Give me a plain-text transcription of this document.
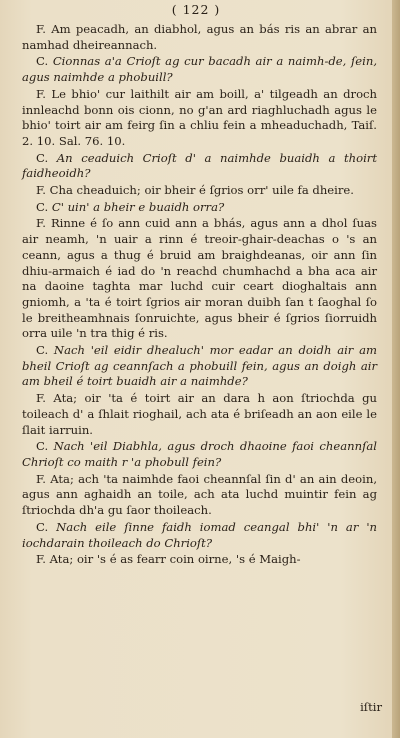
( 122 )

F. Am peacadh, an diabhol, agus an bás ris an abrar an namhad dheireannach.

C. Cionnas a'a Crioſt ag cur bacadh air a naimh-de, ſein, agus naimhde a phobuill?

F. Le bhio' cur laithilt air am boill, a' tilgeadh an droch innleachd bonn ois cionn, no g'an ard riaghluchadh agus le bhio' toirt air am feirg ſin a chliu fein a mheaduchadh, Taiſ. 2. 10. Sal. 76. 10.

C. An ceaduich Crioſt d' a naimhde buaidh a thoirt faidheoidh?

F. Cha cheaduich; oir bheir é ſgrios orr' uile fa dheire.

C. C' uin' a bheir e buaidh orra?

F. Rinne é ſo ann cuid ann a bhás, agus ann a dhol ſuas air neamh, 'n uair a rinn é treoir-ghair-deachas o 's an ceann, agus a thug é bruid am braighdeanas, oir ann ſin dhiu-armaich é iad do 'n reachd chumhachd a bha aca air na daoine taghta mar luchd cuir ceart dioghaltais ann gniomh, a 'ta é toirt ſgrios air moran duibh ſan t ſaoghal ſo le breitheamhnais ſonruichte, agus bheir é ſgrios ſiorruidh orra uile 'n tra thig é ris.

C. Nach 'eil eidir dhealuch' mor eadar an doidh air am bheil Crioſt ag ceannſach a phobuill fein, agus an doigh air am bheil é toirt buaidh air a naimhde?

F. Ata; oir 'ta é toirt air an dara h aon ſtriochda gu toileach d' a ſhlait rioghail, ach ata é briſeadh an aon eile le ſlait iarruin.

C. Nach 'eil Diabhla, agus droch dhaoine faoi cheannſal Chrioſt co maith r 'a phobull fein?

F. Ata; ach 'ta naimhde faoi cheannſal ſin d' an ain deoin, agus ann aghaidh an toile, ach ata luchd muintir fein ag ſtriochda dh'a gu ſaor thoileach.

C. Nach eile ſinne faidh iomad ceangal bhi' 'n ar 'n iochdarain thoileach do Chrioſt?

F. Ata; oir 's é as fearr coin oirne, 's é Maigh-

iſtir
